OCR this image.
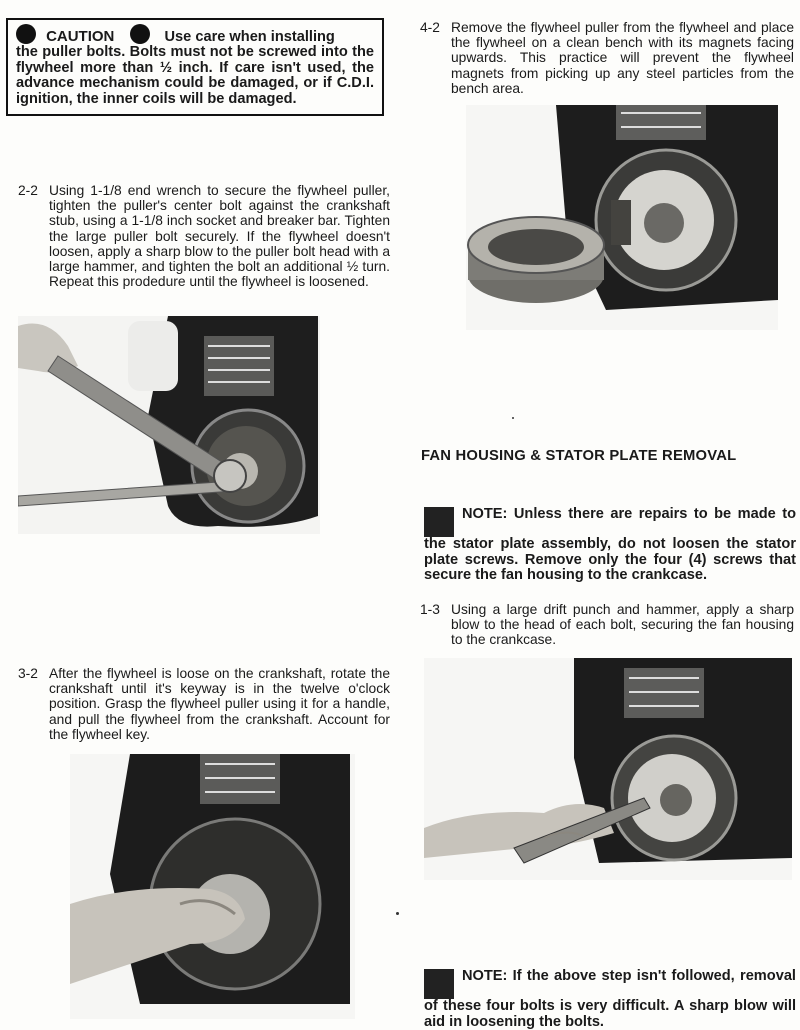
CAUTION	Use care when installing
the puller bolts. Bolts must not be screwed into the flywheel more than ½ inch. If care isn't used, the advance mechanism could be damaged, or if C.D.I. ignition, the inner coils will be damaged.
2-2 Using 1-1/8 end wrench to secure the flywheel puller, tighten the puller's center bolt against the crankshaft stub, using a 1-1/8 inch socket and breaker bar. Tighten the large puller bolt securely. If the flywheel doesn't loosen, apply a sharp blow to the puller bolt head with a large hammer, and tighten the bolt an additional ½ turn. Repeat this prodedure until the flywheel is loosened.
3-2 After the flywheel is loose on the crankshaft, rotate the crankshaft until it's keyway is in the twelve o'clock position. Grasp the flywheel puller using it for a handle, and pull the flywheel from the crankshaft. Account for the flywheel key.
4-2 Remove the flywheel puller from the flywheel and place the flywheel on a clean bench with its magnets facing upwards. This practice will prevent the flywheel magnets from picking up any steel particles from the bench area.
FAN HOUSING & STATOR PLATE REMOVAL
NOTE: Unless there are repairs to be made to the stator plate assembly, do not loosen the stator plate screws. Remove only the four (4) screws that secure the fan housing to the crankcase.
1-3 Using a large drift punch and hammer, apply a sharp blow to the head of each bolt, securing the fan housing to the crankcase.
NOTE: If the above step isn't followed, removal of these four bolts is very difficult. A sharp blow will aid in loosening the bolts.
